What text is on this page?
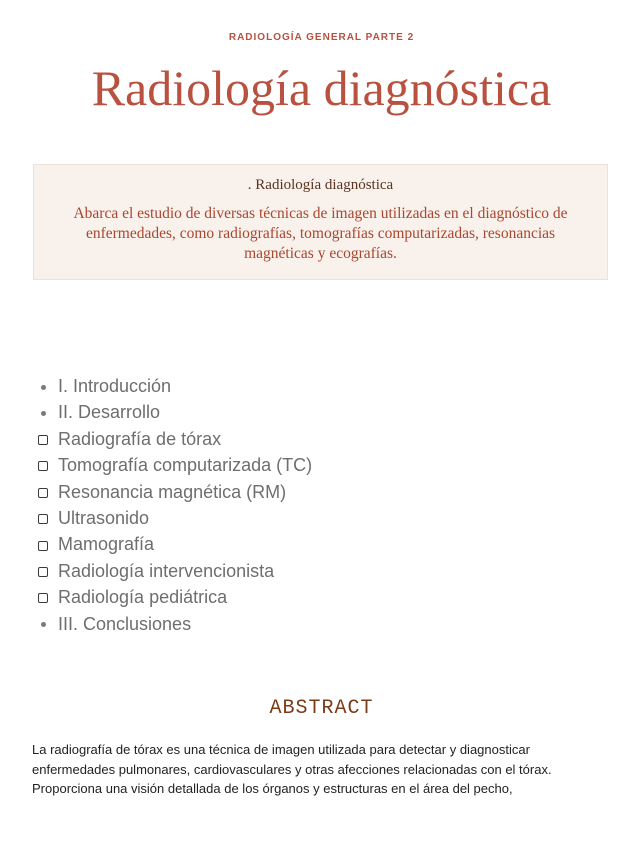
RADIOLOGÍA GENERAL PARTE 2
Radiología diagnóstica
. Radiología diagnóstica
Abarca el estudio de diversas técnicas de imagen utilizadas en el diagnóstico de enfermedades, como radiografías, tomografías computarizadas, resonancias magnéticas y ecografías.
I. Introducción
II. Desarrollo
Radiografía de tórax
Tomografía computarizada (TC)
Resonancia magnética (RM)
Ultrasonido
Mamografía
Radiología intervencionista
Radiología pediátrica
III. Conclusiones
ABSTRACT
La radiografía de tórax es una técnica de imagen utilizada para detectar y diagnosticar enfermedades pulmonares, cardiovasculares y otras afecciones relacionadas con el tórax. Proporciona una visión detallada de los órganos y estructuras en el área del pecho,
